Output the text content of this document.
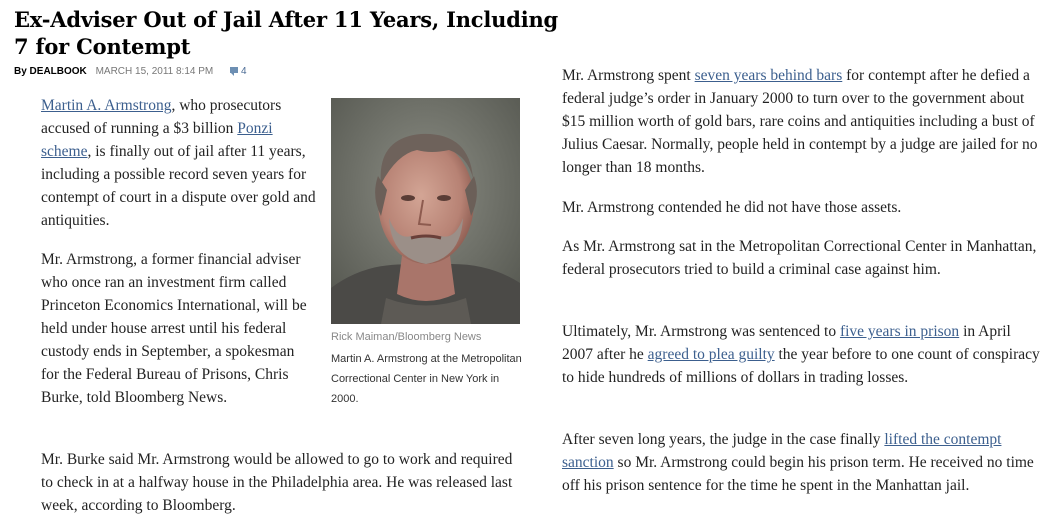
Ex-Adviser Out of Jail After 11 Years, Including 7 for Contempt
By DEALBOOK MARCH 15, 2011 8:14 PM	4

Martin A. Armstrong, who prosecutors accused of running a $3 billion Ponzi scheme, is finally out of jail after 11 years, including a possible record seven years for contempt of court in a dispute over gold and antiquities.

Rick Maiman/Bloomberg News
Martin A. Armstrong at the Metropolitan Correctional Center in New York in 2000.

Mr. Armstrong, a former financial adviser who once ran an investment firm called Princeton Economics International, will be held under house arrest until his federal custody ends in September, a spokesman for the Federal Bureau of Prisons, Chris Burke, told Bloomberg News.

Mr. Burke said Mr. Armstrong would be allowed to go to work and required to check in at a halfway house in the Philadelphia area. He was released last week, according to Bloomberg.

Mr. Armstrong spent seven years behind bars for contempt after he defied a federal judge’s order in January 2000 to turn over to the government about $15 million worth of gold bars, rare coins and antiquities including a bust of Julius Caesar. Normally, people held in contempt by a judge are jailed for no longer than 18 months.

Mr. Armstrong contended he did not have those assets.

As Mr. Armstrong sat in the Metropolitan Correctional Center in Manhattan, federal prosecutors tried to build a criminal case against him.

Ultimately, Mr. Armstrong was sentenced to five years in prison in April 2007 after he agreed to plea guilty the year before to one count of conspiracy to hide hundreds of millions of dollars in trading losses.

After seven long years, the judge in the case finally lifted the contempt sanction so Mr. Armstrong could begin his prison term. He received no time off his prison sentence for the time he spent in the Manhattan jail.
